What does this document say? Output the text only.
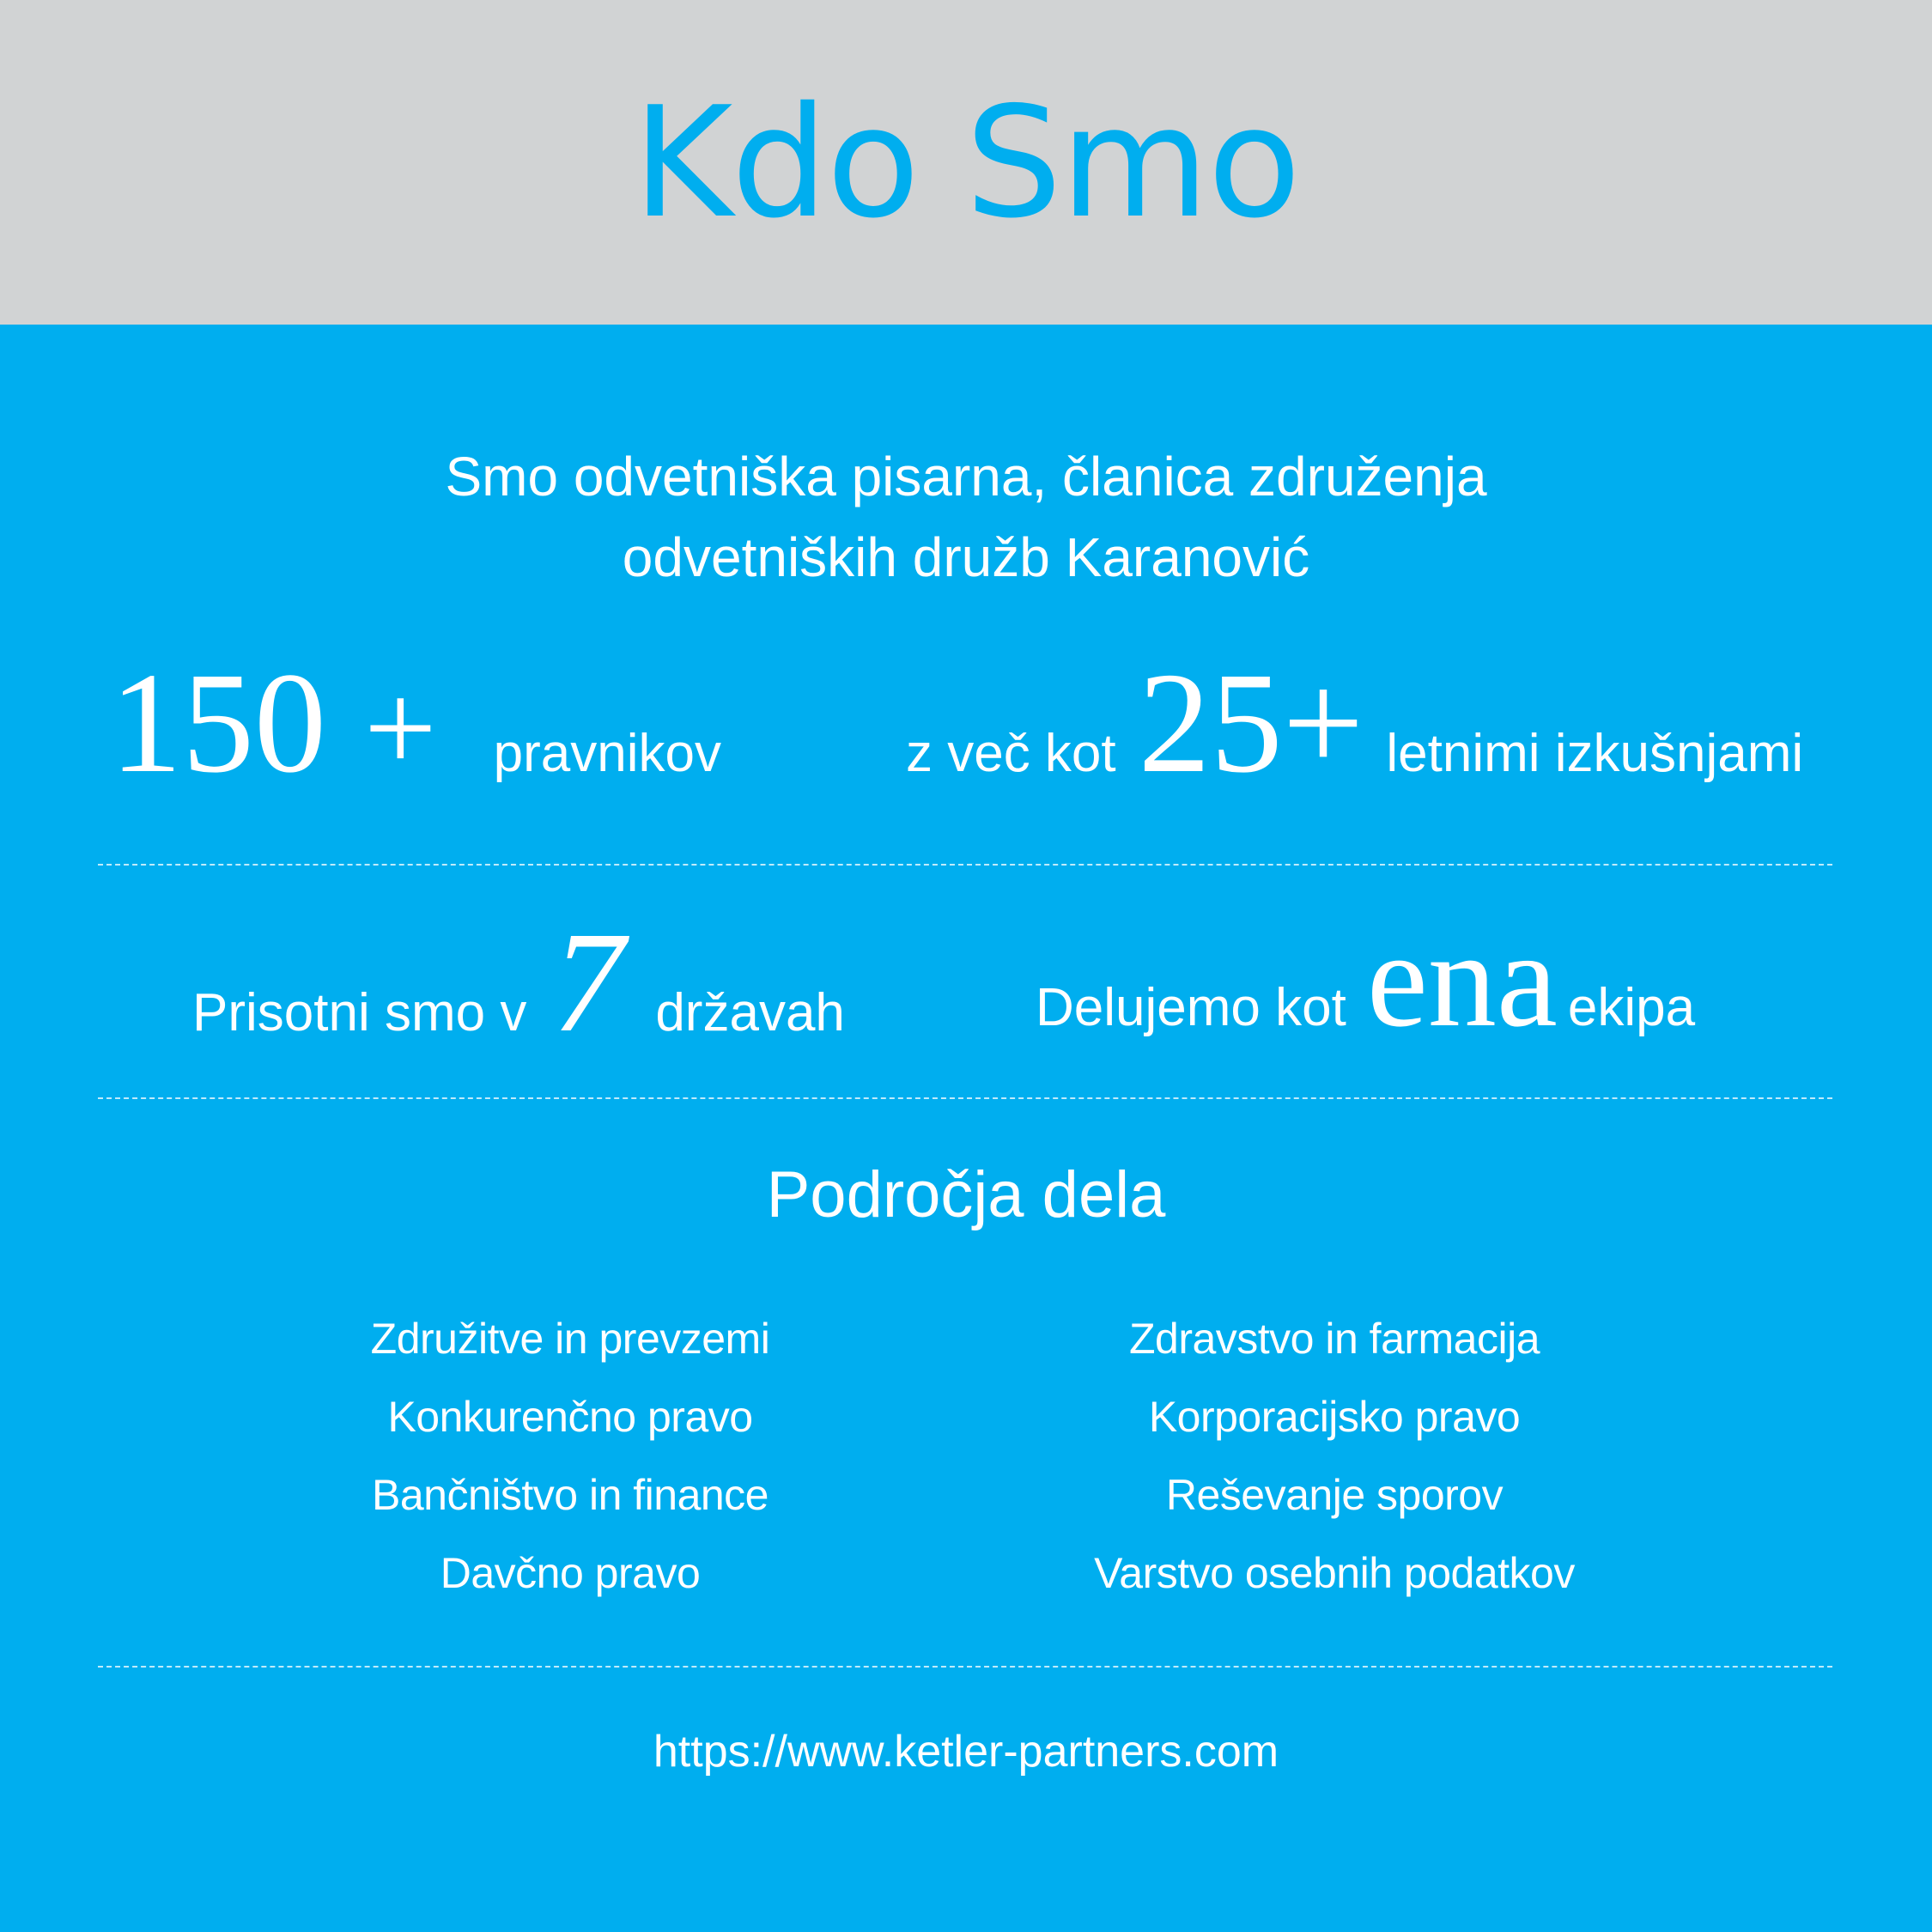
Kdo Smo
Smo odvetniška pisarna, članica združenja
odvetniških družb Karanović
150 + pravnikov	z več kot 25+ letnimi izkušnjami
Prisotni smo v 7 državah	Delujemo kot ena ekipa
Področja dela
Združitve in prevzemi
Konkurenčno pravo
Bančništvo in finance
Davčno pravo
Zdravstvo in farmacija
Korporacijsko pravo
Reševanje sporov
Varstvo osebnih podatkov
https://www.ketler-partners.com
